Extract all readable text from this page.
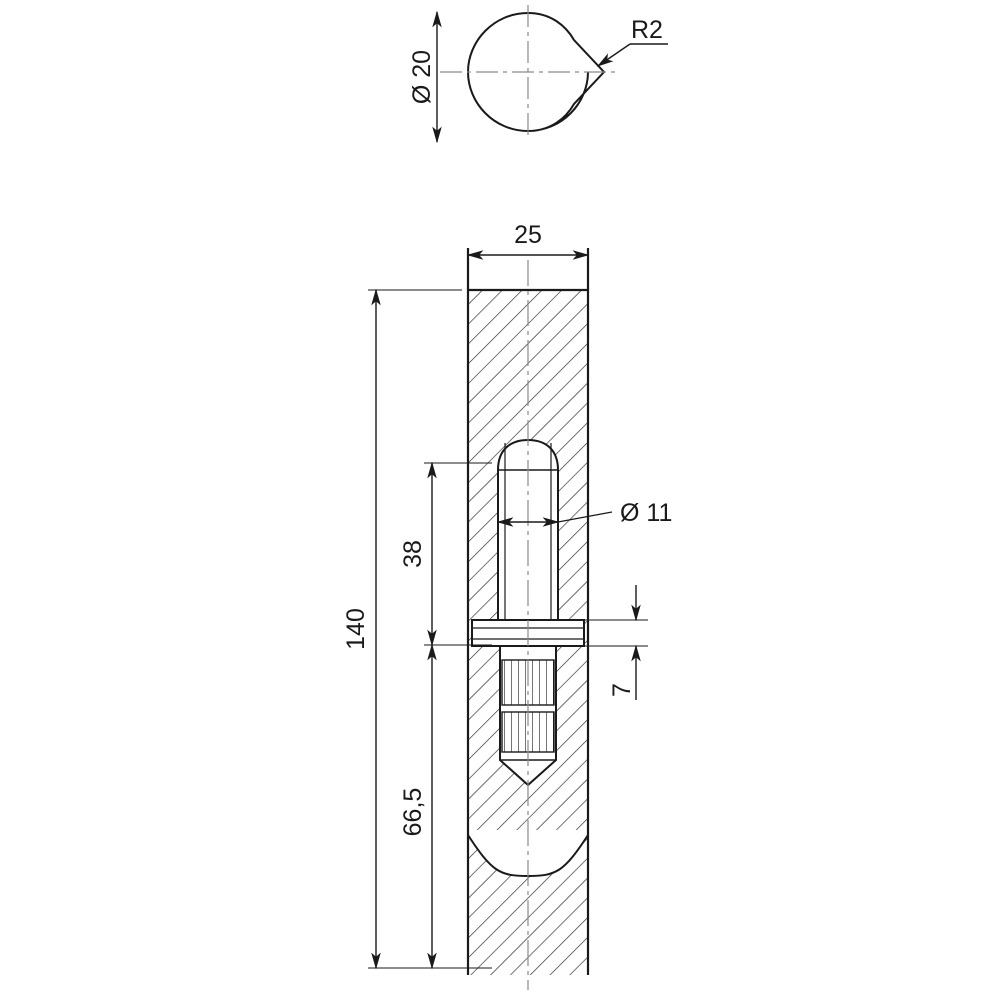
Ø 20
R2
25
Ø 11
38
7
66,5
140
